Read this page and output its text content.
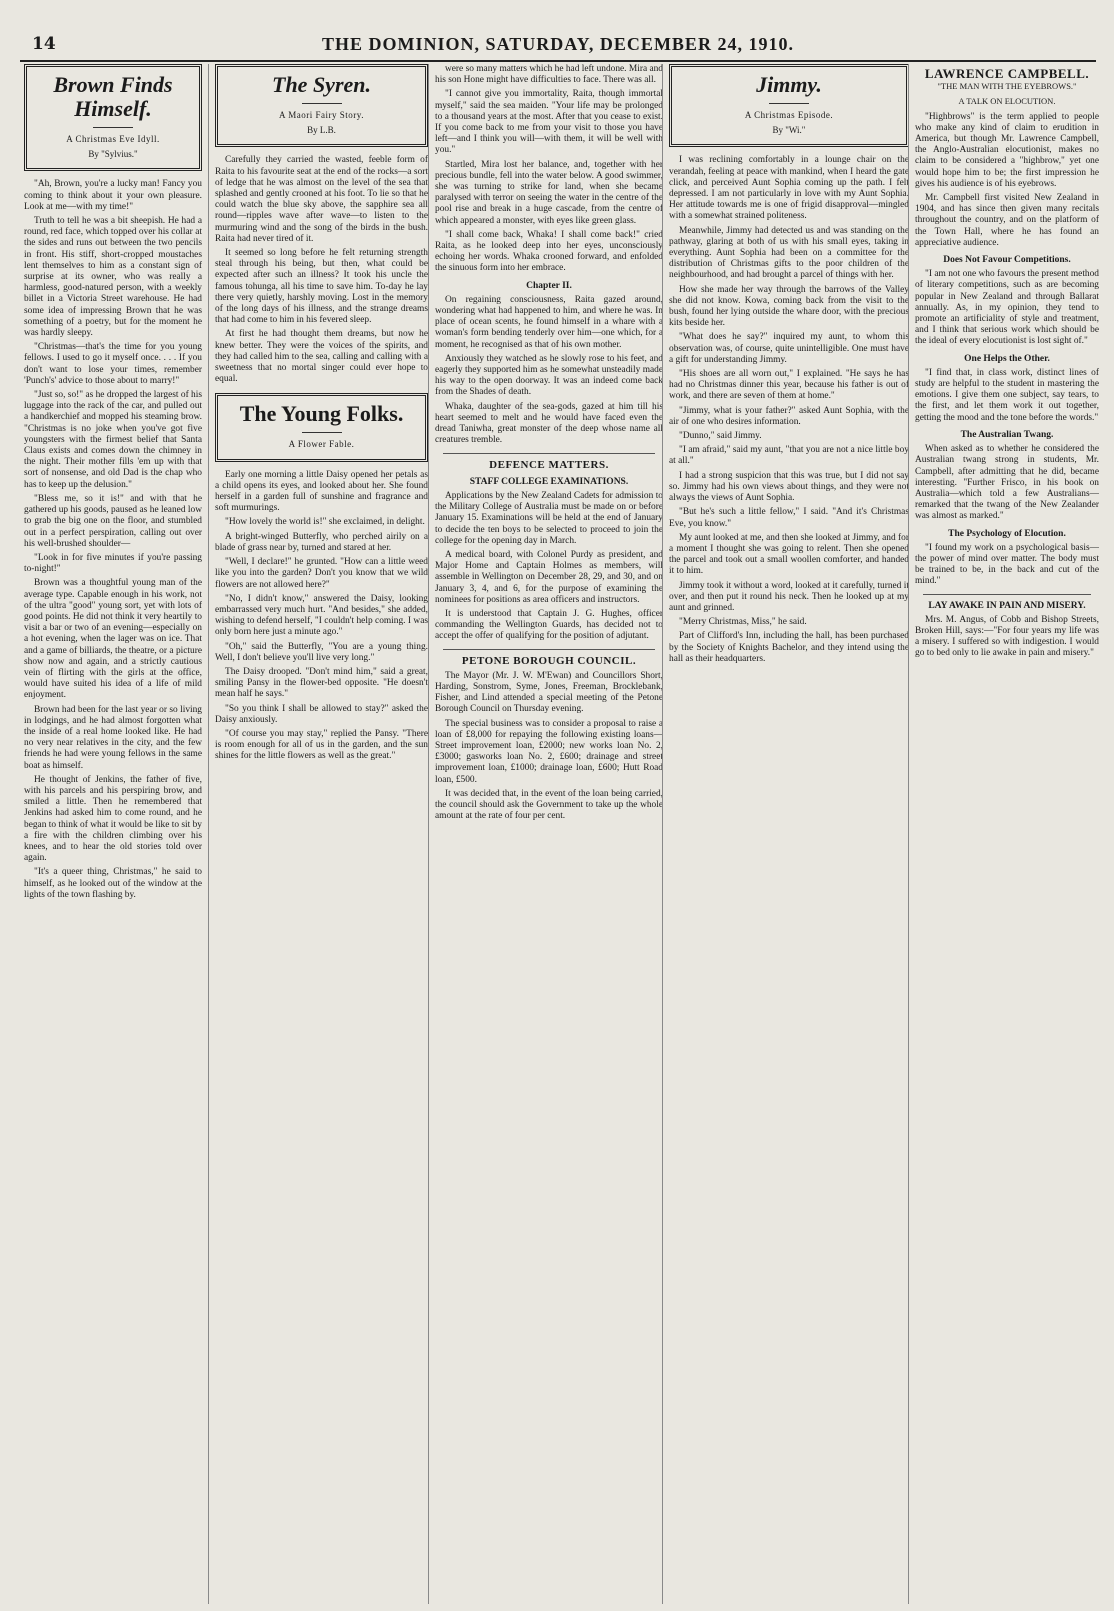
14	THE DOMINION, SATURDAY, DECEMBER 24, 1910.
Brown Finds Himself.
A Christmas Eve Idyll.
By "Sylvius."

"Ah, Brown, you're a lucky man! Fancy you coming to think about it your own pleasure. Look at me—with my time!"

Truth to tell he was a bit sheepish. He had a round, red face, which topped over his collar at the sides and runs out between the two pencils in front. His stiff, short-cropped moustaches lent themselves to him as a constant sign of surprise at its owner, who was really a harmless, good-natured person, with a weekly billet in a Victoria Street warehouse. He had some idea of impressing Brown that he was something of a poetry, but for the moment he was hardly sleepy.

"Christmas—that's the time for you young fellows. I used to go it myself once. . . . If you don't want to lose your times, remember 'Punch's' advice to those about to marry!"

"Just so, so!" as he dropped the largest of his luggage into the rack of the car, and pulled out a handkerchief and mopped his steaming brow. "Christmas is no joke when you've got five youngsters with the firmest belief that Santa Claus exists and comes down the chimney in the night. Their mother fills 'em up with that sort of nonsense, and old Dad is the chap who has to keep up the delusion."

"Bless me, so it is!" and with that he gathered up his goods, paused as he leaned low to grab the big one on the floor, and stumbled out in a perfect perspiration, calling out over his well-brushed shoulder—

"Look in for five minutes if you're passing to-night!"

Brown was a thoughtful young man of the average type. Capable enough in his work, not of the ultra "good" young sort, yet with lots of good points. He did not think it very heartily to visit a bar or two of an evening—especially on a hot evening, when the lager was on ice. That and a game of billiards, the theatre, or a picture show now and again, and a strictly cautious vein of flirting with the girls at the office, would have suited his idea of a life of mild enjoyment.

Brown had been for the last year or so living in lodgings, and he had almost forgotten what the inside of a real home looked like. He had no very near relatives in the city, and the few friends he had were young fellows in the same boat as himself.

He thought of Jenkins, the father of five, with his parcels and his perspiring brow, and smiled a little. Then he remembered that Jenkins had asked him to come round, and he began to think of what it would be like to sit by a fire with the children climbing over his knees, and to hear the old stories told over again.

"It's a queer thing, Christmas," he said to himself, as he looked out of the window at the lights of the town flashing by.

The Syren.
A Maori Fairy Story.
By L.B.

Carefully they carried the wasted, feeble form of Raita to his favourite seat at the end of the rocks—a sort of ledge that he was almost on the level of the sea that splashed and gently crooned at his foot. To lie so that he could watch the blue sky above, the sapphire sea all round—ripples wave after wave—to listen to the murmuring wind and the song of the birds in the bush. Raita had never tired of it.

It seemed so long before he felt returning strength steal through his being, but then, what could be expected after such an illness? It took his uncle the famous tohunga, all his time to save him. To-day he lay there very quietly, harshly moving. Lost in the memory of the long days of his illness, and the strange dreams that had come to him in his fevered sleep.

At first he had thought them dreams, but now he knew better. They were the voices of the spirits, and they had called him to the sea, calling and calling with a sweetness that no mortal singer could ever hope to equal.

The Young Folks.
A Flower Fable.

Early one morning a little Daisy opened her petals as a child opens its eyes, and looked about her. She found herself in a garden full of sunshine and fragrance and soft murmurings.

"How lovely the world is!" she exclaimed, in delight.

A bright-winged Butterfly, who perched airily on a blade of grass near by, turned and stared at her.

"Well, I declare!" he grunted. "How can a little weed like you into the garden? Don't you know that we wild flowers are not allowed here?"

"No, I didn't know," answered the Daisy, looking embarrassed very much hurt. "And besides," she added, wishing to defend herself, "I couldn't help coming. I was only born here just a minute ago."

"Oh," said the Butterfly, "You are a young thing. Well, I don't believe you'll live very long."

The Daisy drooped. "Don't mind him," said a great, smiling Pansy in the flower-bed opposite. "He doesn't mean half he says."

"So you think I shall be allowed to stay?" asked the Daisy anxiously.

"Of course you may stay," replied the Pansy. "There is room enough for all of us in the garden, and the sun shines for the little flowers as well as the great."

were so many matters which he had left undone. Mira and his son Hone might have difficulties to face. There was all.

"I cannot give you immortality, Raita, though immortal myself," said the sea maiden. "Your life may be prolonged to a thousand years at the most. After that you cease to exist. If you come back to me from your visit to those you have left—and I think you will—with them, it will be well with you."

Startled, Mira lost her balance, and, together with her precious bundle, fell into the water below. A good swimmer, she was turning to strike for land, when she became paralysed with terror on seeing the water in the centre of the pool rise and break in a huge cascade, from the centre of which appeared a monster, with eyes like green glass.

"I shall come back, Whaka! I shall come back!" cried Raita, as he looked deep into her eyes, unconsciously echoing her words. Whaka crooned forward, and enfolded the sinuous form into her embrace.

Chapter II.

On regaining consciousness, Raita gazed around, wondering what had happened to him, and where he was. In place of ocean scents, he found himself in a whare with a woman's form bending tenderly over him—one which, for a moment, he recognised as that of his own mother.

Anxiously they watched as he slowly rose to his feet, and eagerly they supported him as he somewhat unsteadily made his way to the open doorway. It was an indeed come back from the Shades of death.

Whaka, daughter of the sea-gods, gazed at him till his heart seemed to melt and he would have faced even the dread Taniwha, great monster of the deep whose name all creatures tremble.

DEFENCE MATTERS.
STAFF COLLEGE EXAMINATIONS.

Applications by the New Zealand Cadets for admission to the Military College of Australia must be made on or before January 15. Examinations will be held at the end of January to decide the ten boys to be selected to proceed to join the college for the opening day in March.

A medical board, with Colonel Purdy as president, and Major Home and Captain Holmes as members, will assemble in Wellington on December 28, 29, and 30, and on January 3, 4, and 6, for the purpose of examining the nominees for positions as area officers and instructors.

It is understood that Captain J. G. Hughes, officer commanding the Wellington Guards, has decided not to accept the offer of qualifying for the position of adjutant.

PETONE BOROUGH COUNCIL.

The Mayor (Mr. J. W. M'Ewan) and Councillors Short, Harding, Sonstrom, Syme, Jones, Freeman, Brocklebank, Fisher, and Lind attended a special meeting of the Petone Borough Council on Thursday evening.

The special business was to consider a proposal to raise a loan of £8,000 for repaying the following existing loans—Street improvement loan, £2000; new works loan No. 2, £3000; gasworks loan No. 2, £600; drainage and street improvement loan, £1000; drainage loan, £600; Hutt Road loan, £500.

It was decided that, in the event of the loan being carried, the council should ask the Government to take up the whole amount at the rate of four per cent.

Jimmy.
A Christmas Episode.
By "Wi."

I was reclining comfortably in a lounge chair on the verandah, feeling at peace with mankind, when I heard the gate click, and perceived Aunt Sophia coming up the path. I felt depressed. I am not particularly in love with my Aunt Sophia. Her attitude towards me is one of frigid disapproval—mingled with a somewhat strained politeness.

Meanwhile, Jimmy had detected us and was standing on the pathway, glaring at both of us with his small eyes, taking in everything. Aunt Sophia had been on a committee for the distribution of Christmas gifts to the poor children of the neighbourhood, and had brought a parcel of things with her.

How she made her way through the barrows of the Valley she did not know. Kowa, coming back from the visit to the bush, found her lying outside the whare door, with the precious kits beside her.

"What does he say?" inquired my aunt, to whom this observation was, of course, quite unintelligible. One must have a gift for understanding Jimmy.

"His shoes are all worn out," I explained. "He says he has had no Christmas dinner this year, because his father is out of work, and there are seven of them at home."

"Jimmy, what is your father?" asked Aunt Sophia, with the air of one who desires information.

"Dunno," said Jimmy.

"I am afraid," said my aunt, "that you are not a nice little boy at all."

I had a strong suspicion that this was true, but I did not say so. Jimmy had his own views about things, and they were not always the views of Aunt Sophia.

"But he's such a little fellow," I said. "And it's Christmas Eve, you know."

My aunt looked at me, and then she looked at Jimmy, and for a moment I thought she was going to relent. Then she opened the parcel and took out a small woollen comforter, and handed it to him.

Jimmy took it without a word, looked at it carefully, turned it over, and then put it round his neck. Then he looked up at my aunt and grinned.

"Merry Christmas, Miss," he said.

Part of Clifford's Inn, including the hall, has been purchased by the Society of Knights Bachelor, and they intend using the hall as their headquarters.

LAWRENCE CAMPBELL.
"THE MAN WITH THE EYEBROWS."
A TALK ON ELOCUTION.

"Highbrows" is the term applied to people who make any kind of claim to erudition in America, but though Mr. Lawrence Campbell, the Anglo-Australian elocutionist, makes no claim to be considered a "highbrow," yet one would hope him to be; the first impression he gives his audience is of his eyebrows.

Mr. Campbell first visited New Zealand in 1904, and has since then given many recitals throughout the country, and on the platform of the Town Hall, where he has found an appreciative audience.

Does Not Favour Competitions.

"I am not one who favours the present method of literary competitions, such as are becoming popular in New Zealand and through Ballarat annually. As, in my opinion, they tend to promote an artificiality of style and treatment, and I think that serious work which should be the ideal of every elocutionist is lost sight of."

One Helps the Other.

"I find that, in class work, distinct lines of study are helpful to the student in mastering the emotions. I give them one subject, say tears, to the first, and let them work it out together, getting the mood and the tone before the words."

The Australian Twang.

When asked as to whether he considered the Australian twang strong in students, Mr. Campbell, after admitting that he did, became interesting. "Further Frisco, in his book on Australia—which told a few Australians—remarked that the twang of the New Zealander was almost as marked."

The Psychology of Elocution.

"I found my work on a psychological basis—the power of mind over matter. The body must be trained to be, in the back and cut of the mind."

LAY AWAKE IN PAIN AND MISERY.

Mrs. M. Angus, of Cobb and Bishop Streets, Broken Hill, says:—"For four years my life was a misery. I suffered so with indigestion. I would go to bed only to lie awake in pain and misery."
